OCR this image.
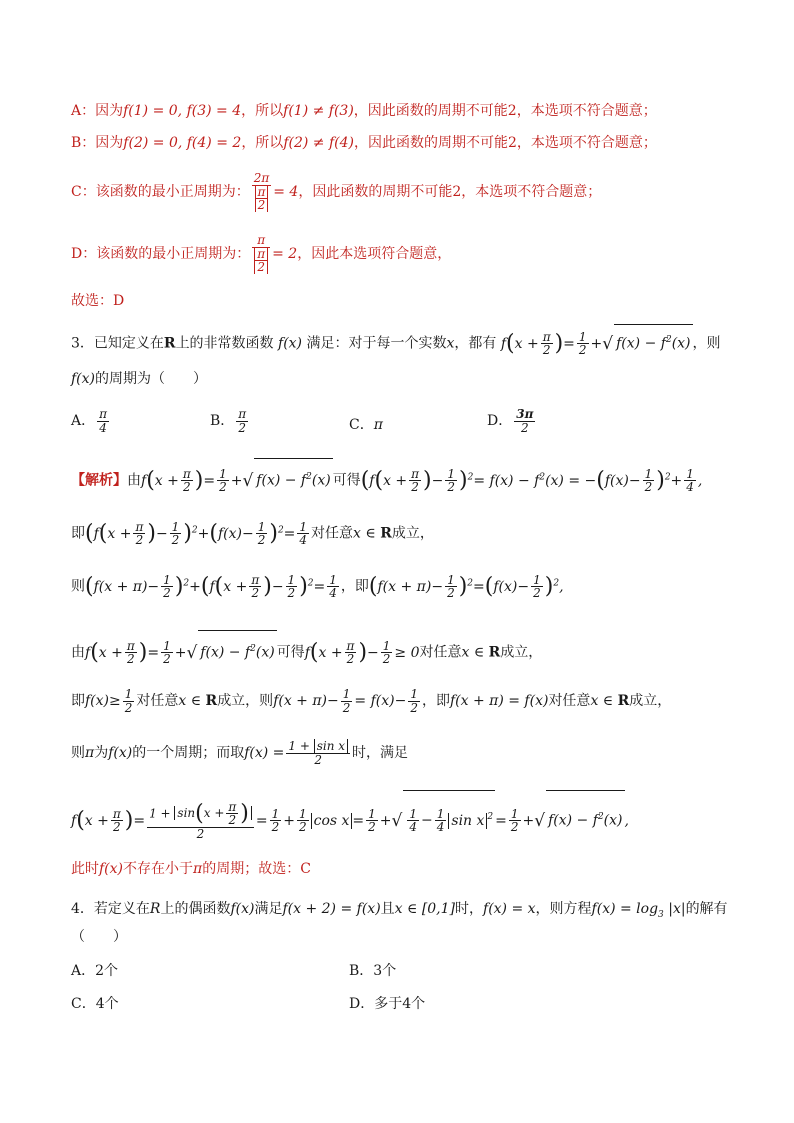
A：因为f(1) = 0, f(3) = 4，所以f(1) ≠ f(3)，因此函数的周期不可能2，本选项不符合题意；
B：因为f(2) = 0, f(4) = 2，所以f(2) ≠ f(4)，因此函数的周期不可能2，本选项不符合题意；
C：该函数的最小正周期为： $\frac{2\pi}{\frac{\pi}{2}} = 4$，因此函数的周期不可能2，本选项不符合题意；
D：该函数的最小正周期为： $\frac{\pi}{\frac{\pi}{2}} = 2$，因此本选项符合题意，
故选：D
3．已知定义在R上的非常数函数 f(x) 满足：对于每一个实数x，都有 $f(x + \frac{\pi}{2}$ )= $\frac{1}{2}$ +√ $f(x) - f^2(x)$ ，则
f(x)的周期为（　　）
A． $\frac{\pi}{4}$	B． $\frac{\pi}{2}$	C．π	D． $\frac{3\pi}{2}$
【解析】由$f(x + \frac{\pi}{2}$ )= $\frac{1}{2}$ +√ $f(x) - f^2(x)$ 可得($f(x + \frac{\pi}{2}$ )− $\frac{1}{2} )^2= f(x) - f^2(x) = -(f(x)- \frac{1}{2} )^2+ \frac{1}{4}$ ,
即($f(x + \frac{\pi}{2}$ )− $\frac{1}{2} )^2+(f(x)- \frac{1}{2} )^2= \frac{1}{4}$ 对任意x ∈ R成立，
则$(f(x + \pi)- \frac{1}{2} )^2+(f(x + \frac{\pi}{2}$ )− $\frac{1}{2} )^2= \frac{1}{4}$ ，即$(f(x + \pi)- \frac{1}{2} )^2=(f(x)- \frac{1}{2} )^2$,
由$f(x + \frac{\pi}{2}$ )= $\frac{1}{2}$ +√ $f(x) - f^2(x)$ 可得$f(x + \frac{\pi}{2}$ )− $\frac{1}{2} \ge 0$对任意x ∈ R成立，
即$f(x)\ge \frac{1}{2}$ 对任意x ∈ R成立，则$f(x + \pi)- \frac{1}{2} = f(x)- \frac{1}{2}$ ，即f(x + π) = f(x)对任意x ∈ R成立，
则π为f(x)的一个周期；而取$f(x) = \frac{\text{1 + sin x}}{2}$ 时，满足
$f(x + \frac{\pi}{2}$ )= $\frac{1 + \sin(x + \frac{\pi}{2} )}{2} = \frac{1}{2} + \frac{1}{2}$ $\cos x = \frac{1}{2}$ +√ $\frac{1}{4} - \frac{1}{4}$ sin x $^2 = \frac{1}{2}$ +√ $f(x) - f^2(x)$ ,
此时f(x)不存在小于π的周期；故选：C
4．若定义在R上的偶函数f(x)满足f(x + 2) = f(x)且x ∈ [0,1]时，f(x) = x，则方程$f(x) = \log_3 |x|$的解有
（　　）
A．2个	B．3个
C．4个	D．多于4个
